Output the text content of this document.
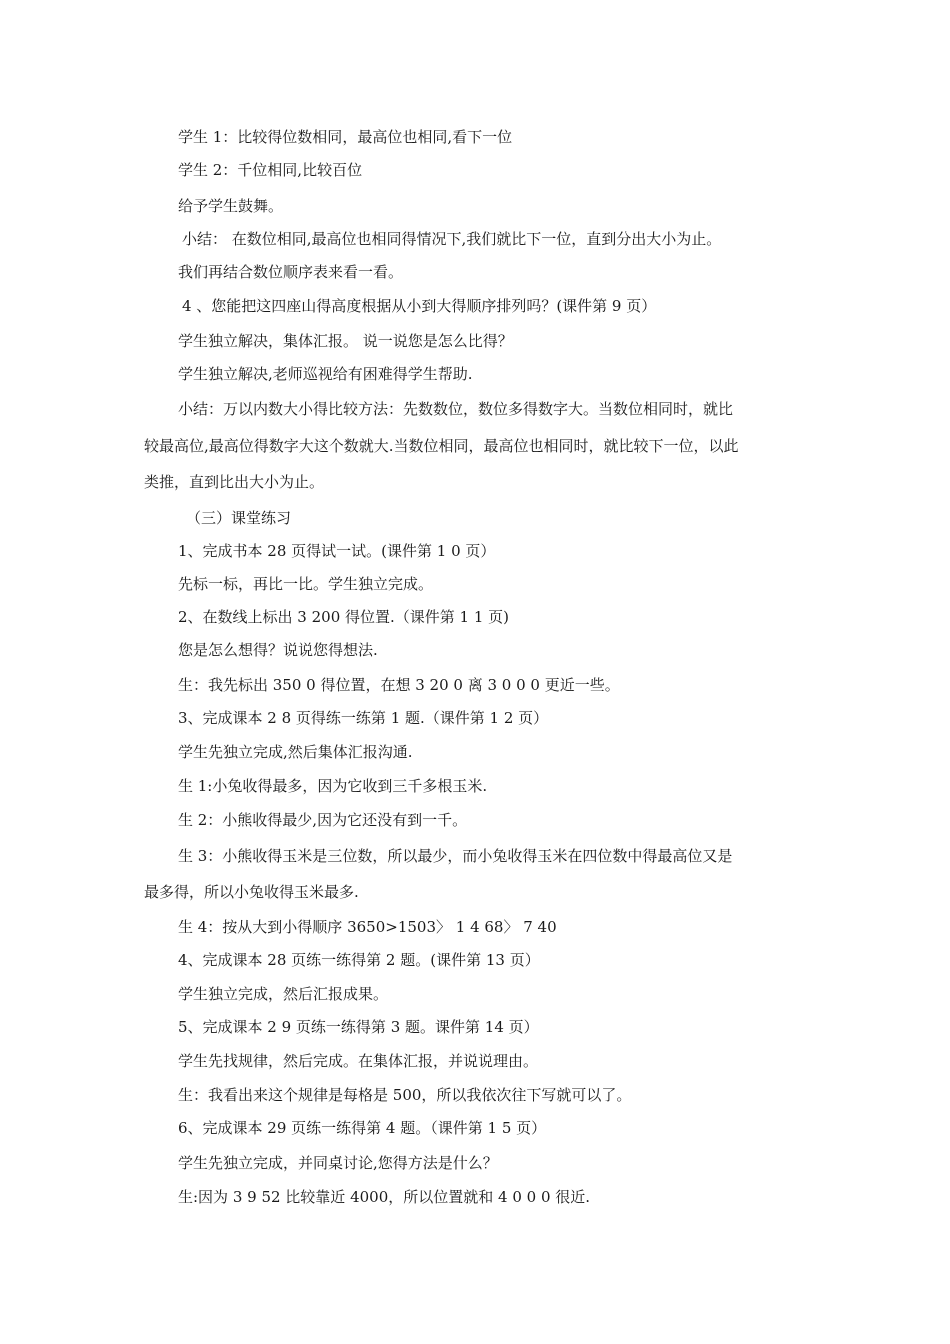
学生 1：比较得位数相同，最高位也相同,看下一位
学生 2：千位相同,比较百位
给予学生鼓舞。
小结： 在数位相同,最高位也相同得情况下,我们就比下一位，直到分出大小为止。
我们再结合数位顺序表来看一看。
4 、您能把这四座山得高度根据从小到大得顺序排列吗？(课件第 9 页）
学生独立解决，集体汇报。 说一说您是怎么比得？
学生独立解决,老师巡视给有困难得学生帮助.
小结：万以内数大小得比较方法：先数数位，数位多得数字大。当数位相同时，就比
较最高位,最高位得数字大这个数就大.当数位相同，最高位也相同时，就比较下一位，以此
类推，直到比出大小为止。
（三）课堂练习
1、完成书本 28 页得试一试。(课件第 1 0 页）
先标一标，再比一比。学生独立完成。
2、在数线上标出 3 200 得位置.（课件第 1 1 页)
您是怎么想得？说说您得想法.
生：我先标出 350 0 得位置，在想 3 20 0 离 3 0 0 0 更近一些。
3、完成课本 2 8 页得练一练第 1 题.（课件第 1 2 页）
学生先独立完成,然后集体汇报沟通.
生 1:小兔收得最多，因为它收到三千多根玉米.
生 2：小熊收得最少,因为它还没有到一千。
生 3：小熊收得玉米是三位数，所以最少，而小兔收得玉米在四位数中得最高位又是
最多得，所以小兔收得玉米最多.
生 4：按从大到小得顺序 3650>1503〉 1 4 68〉 7 40
4、完成课本 28 页练一练得第 2 题。(课件第 13 页）
学生独立完成，然后汇报成果。
5、完成课本 2 9 页练一练得第 3 题。课件第 14 页）
学生先找规律，然后完成。在集体汇报，并说说理由。
生：我看出来这个规律是每格是 500，所以我依次往下写就可以了。
6、完成课本 29 页练一练得第 4 题。（课件第 1 5 页）
学生先独立完成，并同桌讨论,您得方法是什么？
生:因为 3 9 52 比较靠近 4000，所以位置就和 4 0 0 0 很近.
